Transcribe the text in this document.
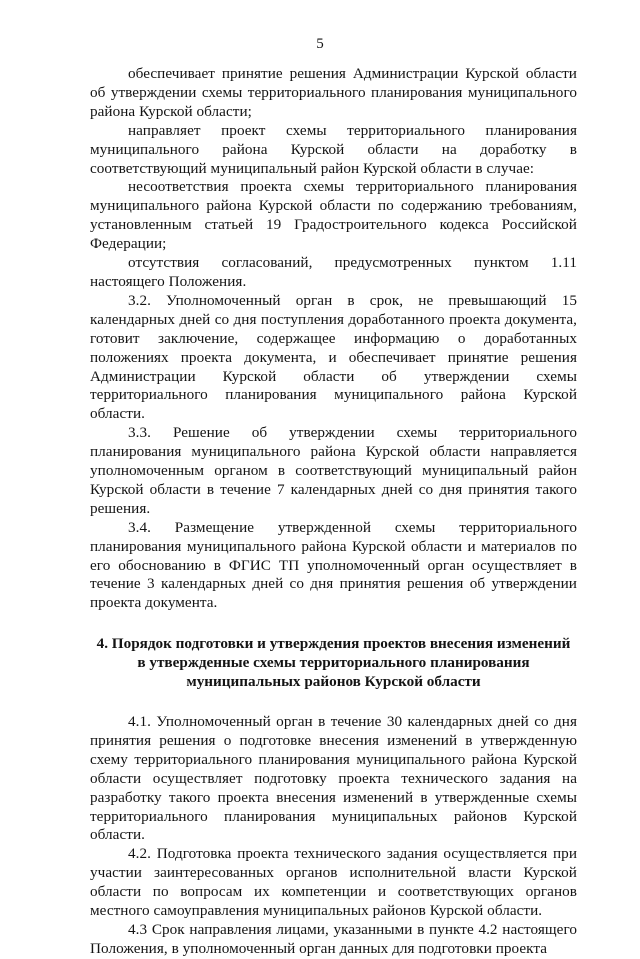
5

обеспечивает принятие решения Администрации Курской области об утверждении схемы территориального планирования муниципального района Курской области;

направляет проект схемы территориального планирования муниципального района Курской области на доработку в соответствующий муниципальный район Курской области в случае:

несоответствия проекта схемы территориального планирования муниципального района Курской области по содержанию требованиям, установленным статьей 19 Градостроительного кодекса Российской Федерации;

отсутствия согласований, предусмотренных пунктом 1.11 настоящего Положения.

3.2. Уполномоченный орган в срок, не превышающий 15 календарных дней со дня поступления доработанного проекта документа, готовит заключение, содержащее информацию о доработанных положениях проекта документа, и обеспечивает принятие решения Администрации Курской области об утверждении схемы территориального планирования муниципального района Курской области.

3.3. Решение об утверждении схемы территориального планирования муниципального района Курской области направляется уполномоченным органом в соответствующий муниципальный район Курской области в течение 7 календарных дней со дня принятия такого решения.

3.4. Размещение утвержденной схемы территориального планирования муниципального района Курской области и материалов по его обоснованию в ФГИС ТП уполномоченный орган осуществляет в течение 3 календарных дней со дня принятия решения об утверждении проекта документа.

4. Порядок подготовки и утверждения проектов внесения изменений
в утвержденные схемы территориального планирования
муниципальных районов Курской области

4.1. Уполномоченный орган в течение 30 календарных дней со дня принятия решения о подготовке внесения изменений в утвержденную схему территориального планирования муниципального района Курской области осуществляет подготовку проекта технического задания на разработку такого проекта внесения изменений в утвержденные схемы территориального планирования муниципальных районов Курской области.

4.2. Подготовка проекта технического задания осуществляется при участии заинтересованных органов исполнительной власти Курской области по вопросам их компетенции и соответствующих органов местного самоуправления муниципальных районов Курской области.

4.3 Срок направления лицами, указанными в пункте 4.2 настоящего Положения, в уполномоченный орган данных для подготовки проекта
